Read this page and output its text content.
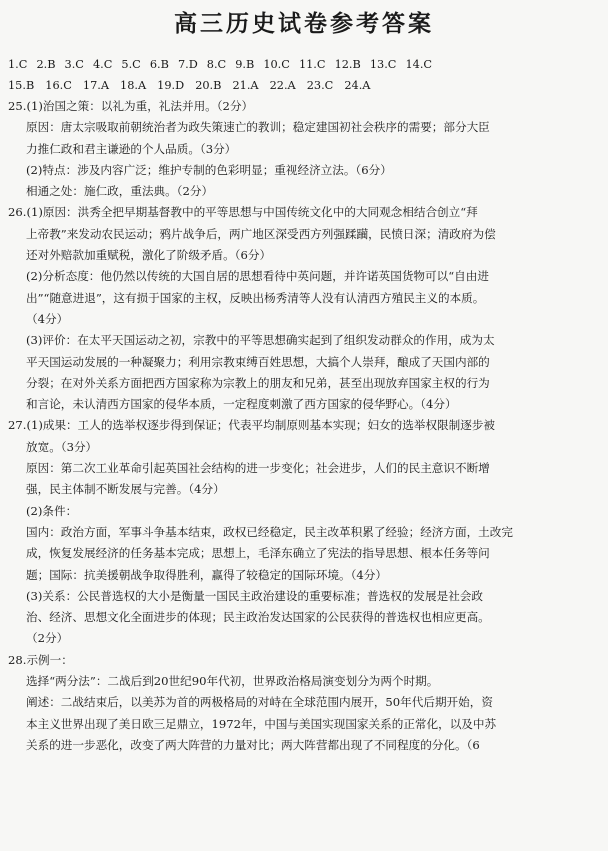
高三历史试卷参考答案
1.C 2.B 3.C 4.C 5.C 6.B 7.D 8.C 9.B 10.C 11.C 12.B 13.C 14.C
15.B 16.C 17.A 18.A 19.D 20.B 21.A 22.A 23.C 24.A
25.(1)治国之策：以礼为重，礼法并用。（2分）
原因：唐太宗吸取前朝统治者为政失策速亡的教训；稳定建国初社会秩序的需要；部分大臣
力推仁政和君主谦逊的个人品质。（3分）
(2)特点：涉及内容广泛；维护专制的色彩明显；重视经济立法。（6分）
相通之处：施仁政，重法典。（2分）
26.(1)原因：洪秀全把早期基督教中的平等思想与中国传统文化中的大同观念相结合创立“拜
上帝教”来发动农民运动；鸦片战争后，两广地区深受西方列强蹂躏，民愤日深；清政府为偿
还对外赔款加重赋税，激化了阶级矛盾。（6分）
(2)分析态度：他仍然以传统的大国自居的思想看待中英问题，并许诺英国货物可以“自由进
出”“随意进退”，这有损于国家的主权，反映出杨秀清等人没有认清西方殖民主义的本质。
（4分）
(3)评价：在太平天国运动之初，宗教中的平等思想确实起到了组织发动群众的作用，成为太
平天国运动发展的一种凝聚力；利用宗教束缚百姓思想，大搞个人崇拜，酿成了天国内部的
分裂；在对外关系方面把西方国家称为宗教上的朋友和兄弟，甚至出现放弃国家主权的行为
和言论，未认清西方国家的侵华本质，一定程度刺激了西方国家的侵华野心。（4分）
27.(1)成果：工人的选举权逐步得到保证；代表平均制原则基本实现；妇女的选举权限制逐步被
放宽。（3分）
原因：第二次工业革命引起英国社会结构的进一步变化；社会进步，人们的民主意识不断增
强，民主体制不断发展与完善。（4分）
(2)条件：
国内：政治方面，军事斗争基本结束，政权已经稳定，民主改革积累了经验；经济方面，土改完
成，恢复发展经济的任务基本完成；思想上，毛泽东确立了宪法的指导思想、根本任务等问
题；国际：抗美援朝战争取得胜利，赢得了较稳定的国际环境。（4分）
(3)关系：公民普选权的大小是衡量一国民主政治建设的重要标准；普选权的发展是社会政
治、经济、思想文化全面进步的体现；民主政治发达国家的公民获得的普选权也相应更高。
（2分）
28.示例一：
选择“两分法”：二战后到20世纪90年代初，世界政治格局演变划分为两个时期。
阐述：二战结束后，以美苏为首的两极格局的对峙在全球范围内展开，50年代后期开始，资
本主义世界出现了美日欧三足鼎立，1972年，中国与美国实现国家关系的正常化，以及中苏
关系的进一步恶化，改变了两大阵营的力量对比；两大阵营都出现了不同程度的分化。（6
